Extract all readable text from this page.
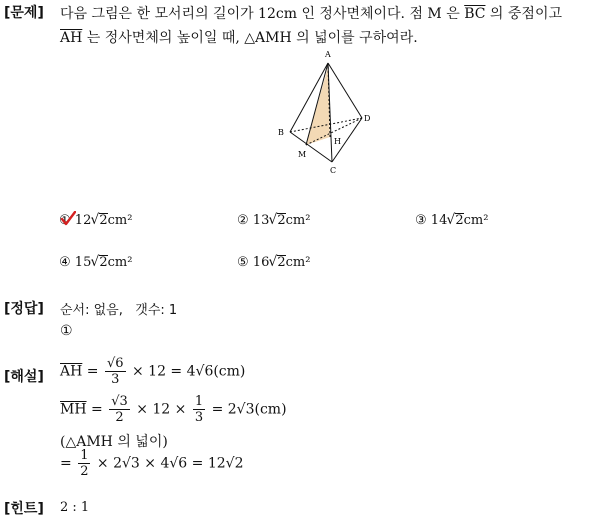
[문제] 다음 그림은 한 모서리의 길이가 12cm 인 정사면체이다. 점 M 은 $\overline{BC}$ 의 중점이고
$\overline{AH}$ 는 정사면체의 높이일 때, △AMH 의 넓이를 구하여라.
A
B
C
D
M
H
① 12 √ 2cm²	② 13 √ 2cm²	③ 14 √ 2cm²
④ 15 √ 2cm²	⑤ 16 √ 2cm²
[정답] 순서: 없음, 갯수: 1
①
[해설] $\overline{AH} = \frac{√6}{3} \times 12 = 4√6(cm)$
$\overline{MH} = \frac{√3}{2} \times 12 \times \frac{1}{3} = 2√3(cm)$
(△AMH 의 넓이)
= $\frac{1}{2} \times 2√3 \times 4√6 = 12√2$
[힌트] 2 : 1
